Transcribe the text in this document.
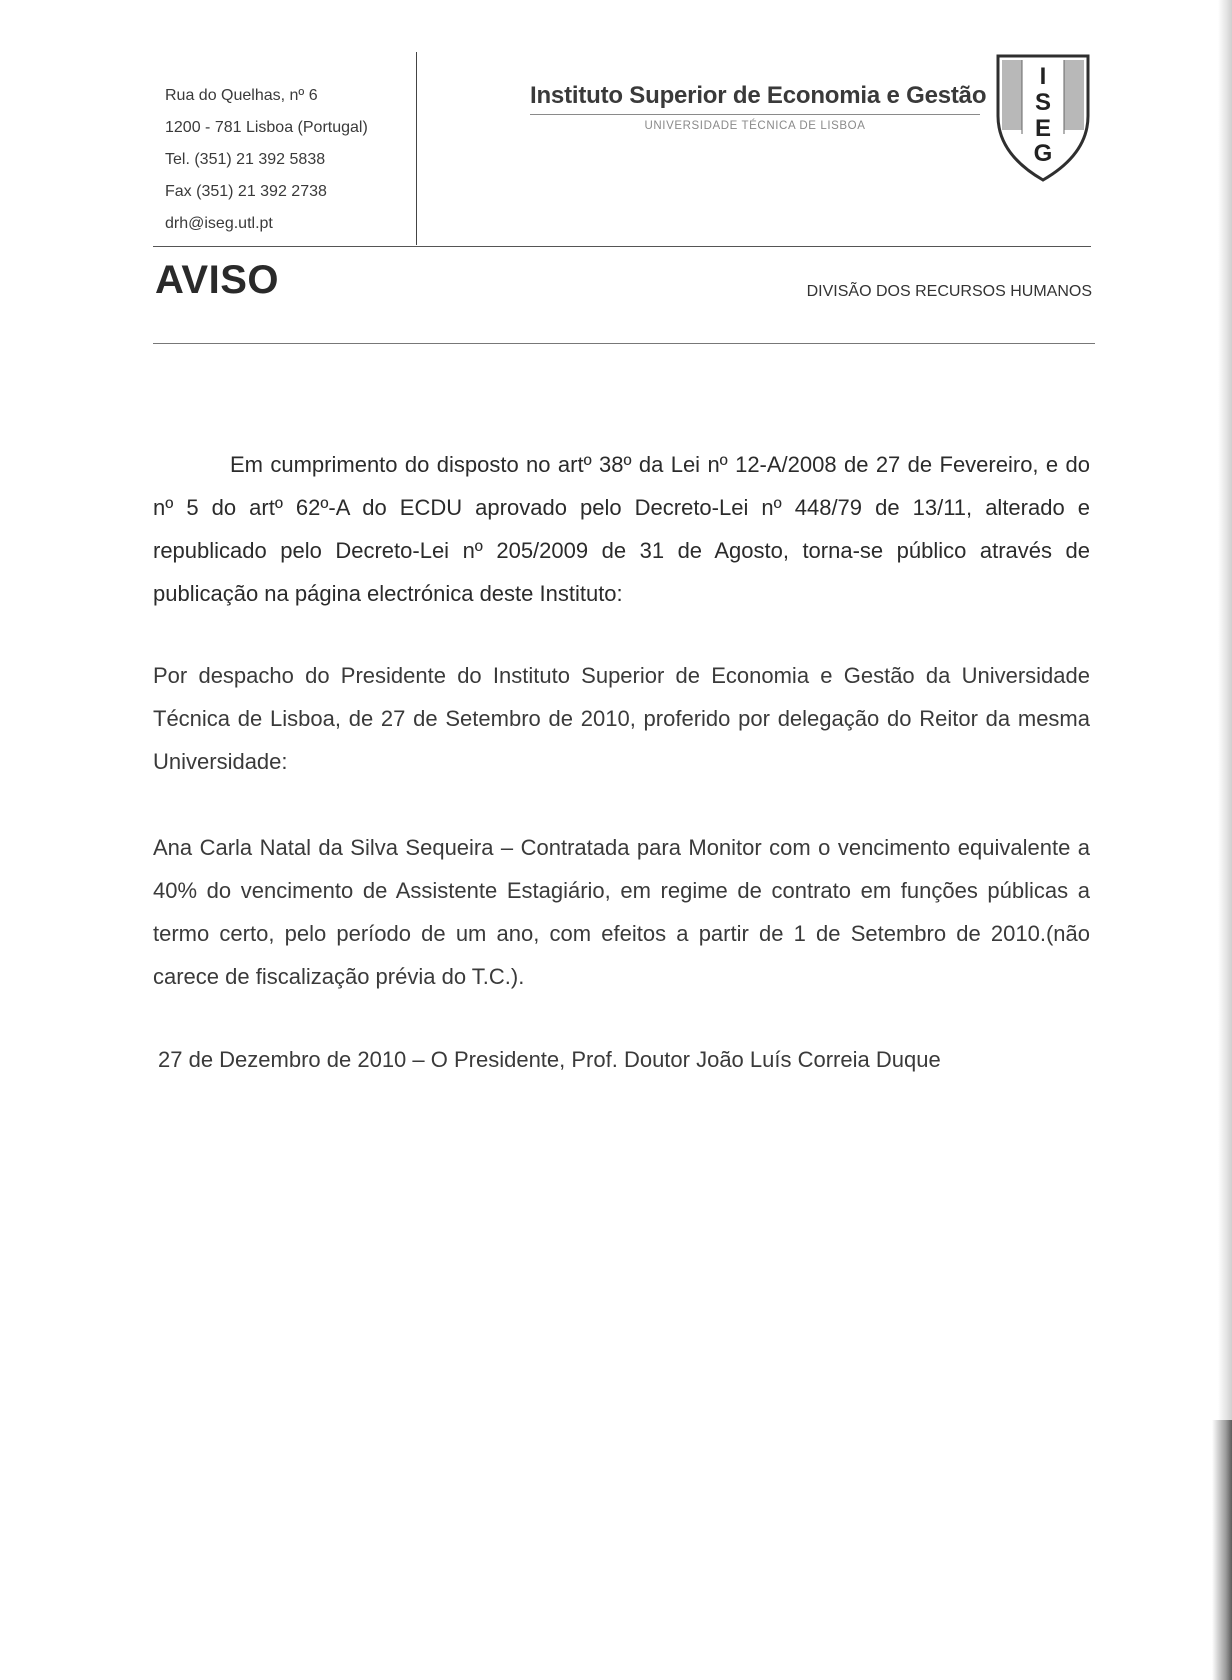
Rua do Quelhas, nº 6
1200 - 781 Lisboa (Portugal)
Tel. (351) 21 392 5838
Fax (351) 21 392 2738
drh@iseg.utl.pt
Instituto Superior de Economia e Gestão
UNIVERSIDADE TÉCNICA DE LISBOA
I
S
E
G
AVISO	DIVISÃO DOS RECURSOS HUMANOS
Em cumprimento do disposto no artº 38º da Lei nº 12-A/2008 de 27 de Fevereiro, e do nº 5 do artº 62º-A do ECDU aprovado pelo Decreto-Lei nº 448/79 de 13/11, alterado e republicado pelo Decreto-Lei nº 205/2009 de 31 de Agosto, torna-se público através de publicação na página electrónica deste Instituto:
Por despacho do Presidente do Instituto Superior de Economia e Gestão da Universidade Técnica de Lisboa, de 27 de Setembro de 2010, proferido por delegação do Reitor da mesma Universidade:
Ana Carla Natal da Silva Sequeira – Contratada para Monitor com o vencimento equivalente a 40% do vencimento de Assistente Estagiário, em regime de contrato em funções públicas a termo certo, pelo período de um ano, com efeitos a partir de 1 de Setembro de 2010.(não carece de fiscalização prévia do T.C.).
27 de Dezembro de 2010 – O Presidente, Prof. Doutor João Luís Correia Duque
